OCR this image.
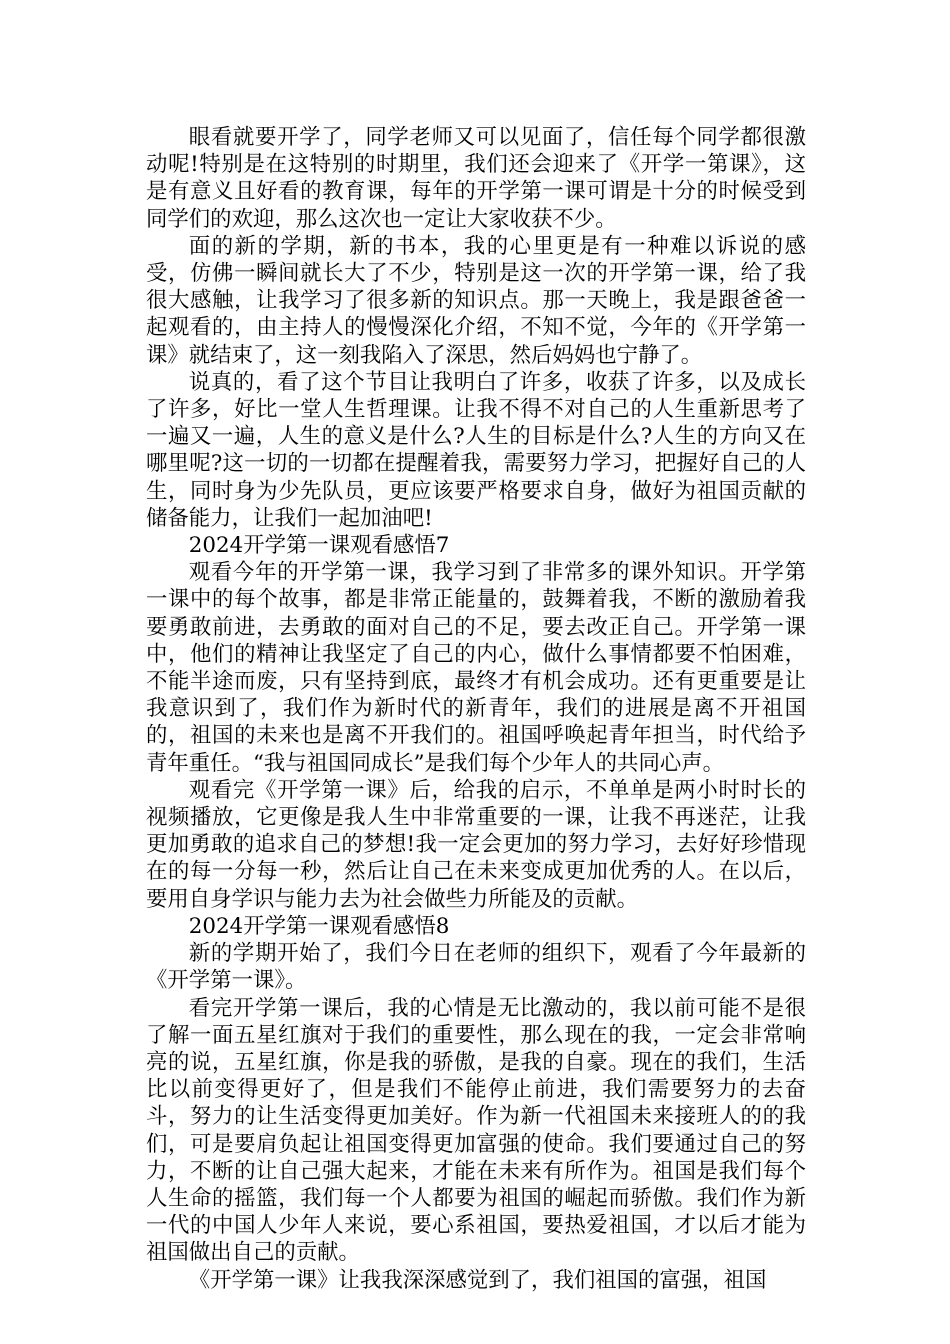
眼看就要开学了，同学老师又可以见面了，信任每个同学都很激动呢!特别是在这特别的时期里，我们还会迎来了《开学一第课》，这是有意义且好看的教育课，每年的开学第一课可谓是十分的时候受到同学们的欢迎，那么这次也一定让大家收获不少。

面的新的学期，新的书本，我的心里更是有一种难以诉说的感受，仿佛一瞬间就长大了不少，特别是这一次的开学第一课，给了我很大感触，让我学习了很多新的知识点。那一天晚上，我是跟爸爸一起观看的，由主持人的慢慢深化介绍，不知不觉，今年的《开学第一课》就结束了，这一刻我陷入了深思，然后妈妈也宁静了。

说真的，看了这个节目让我明白了许多，收获了许多，以及成长了许多，好比一堂人生哲理课。让我不得不对自己的人生重新思考了一遍又一遍，人生的意义是什么?人生的目标是什么?人生的方向又在哪里呢?这一切的一切都在提醒着我，需要努力学习，把握好自己的人生，同时身为少先队员，更应该要严格要求自身，做好为祖国贡献的储备能力，让我们一起加油吧!

2024开学第一课观看感悟7

观看今年的开学第一课，我学习到了非常多的课外知识。开学第一课中的每个故事，都是非常正能量的，鼓舞着我，不断的激励着我要勇敢前进，去勇敢的面对自己的不足，要去改正自己。开学第一课中，他们的精神让我坚定了自己的内心，做什么事情都要不怕困难，不能半途而废，只有坚持到底，最终才有机会成功。还有更重要是让我意识到了，我们作为新时代的新青年，我们的进展是离不开祖国的，祖国的未来也是离不开我们的。祖国呼唤起青年担当，时代给予青年重任。“我与祖国同成长”是我们每个少年人的共同心声。

观看完《开学第一课》后，给我的启示，不单单是两小时时长的视频播放，它更像是我人生中非常重要的一课，让我不再迷茫，让我更加勇敢的追求自己的梦想!我一定会更加的努力学习，去好好珍惜现在的每一分每一秒，然后让自己在未来变成更加优秀的人。在以后，要用自身学识与能力去为社会做些力所能及的贡献。

2024开学第一课观看感悟8

新的学期开始了，我们今日在老师的组织下，观看了今年最新的《开学第一课》。

看完开学第一课后，我的心情是无比激动的，我以前可能不是很了解一面五星红旗对于我们的重要性，那么现在的我，一定会非常响亮的说，五星红旗，你是我的骄傲，是我的自豪。现在的我们，生活比以前变得更好了，但是我们不能停止前进，我们需要努力的去奋斗，努力的让生活变得更加美好。作为新一代祖国未来接班人的的我们，可是要肩负起让祖国变得更加富强的使命。我们要通过自己的努力，不断的让自己强大起来，才能在未来有所作为。祖国是我们每个人生命的摇篮，我们每一个人都要为祖国的崛起而骄傲。我们作为新一代的中国人少年人来说，要心系祖国，要热爱祖国，才以后才能为祖国做出自己的贡献。

《开学第一课》让我我深深感觉到了，我们祖国的富强，祖国
